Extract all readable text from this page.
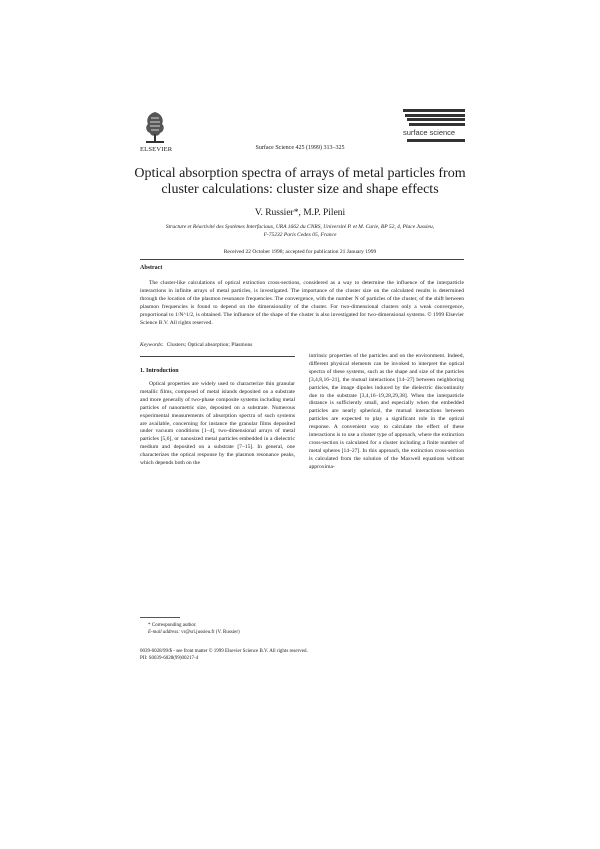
ELSEVIER	Surface Science 425 (1999) 313–325
surface science
Optical absorption spectra of arrays of metal particles from
cluster calculations: cluster size and shape effects
V. Russier*, M.P. Pileni
Structure et Réactivité des Systèmes Interfaciaux, URA 1662 du CNRS, Université P. et M. Curie, BP 52, 4, Place Jussieu,
F-75232 Paris Cedex 05, France
Received 22 October 1998; accepted for publication 21 January 1999
Abstract
The cluster-like calculations of optical extinction cross-sections, considered as a way to determine the influence of the interparticle interactions in infinite arrays of metal particles, is investigated. The importance of the cluster size on the calculated results is determined through the location of the plasmon resonance frequencies. The convergence, with the number N of particles of the cluster, of the shift between plasmon frequencies is found to depend on the dimensionality of the cluster. For two-dimensional clusters only a weak convergence, proportional to 1/N^1/2, is obtained. The influence of the shape of the cluster is also investigated for two-dimensional systems. © 1999 Elsevier Science B.V. All rights reserved.
Keywords: Clusters; Optical absorption; Plasmons
1. Introduction
Optical properties are widely used to characterize thin granular metallic films, composed of metal islands deposited on a substrate and more generally of two-phase composite systems including metal particles of nanometric size, deposited on a substrate. Numerous experimental measurements of absorption spectra of such systems are available, concerning for instance the granular films deposited under vacuum conditions [1–4], two-dimensional arrays of metal particles [5,6], or nanosized metal particles embedded in a dielectric medium and deposited on a substrate [7–15]. In general, one characterizes the optical response by the plasmon resonance peaks, which depends both on the
intrinsic properties of the particles and on the environment. Indeed, different physical elements can be invoked to interpret the optical spectra of these systems, such as the shape and size of the particles [3,4,8,16–21], the mutual interactions [14–27] between neighboring particles, the image dipoles induced by the dielectric discontinuity due to the substrate [3,4,16–19,28,29,38]. When the interparticle distance is sufficiently small, and especially when the embedded particles are nearly spherical, the mutual interactions between particles are expected to play a significant role in the optical response. A convenient way to calculate the effect of these interactions is to use a cluster type of approach, where the extinction cross-section is calculated for a cluster including a finite number of metal spheres [14–27]. In this approach, the extinction cross-section is calculated from the solution of the Maxwell equations without approxima-
* Corresponding author.
E-mail address: vr@sri.jussieu.fr (V. Russier)
0039-6028/99/$ - see front matter © 1999 Elsevier Science B.V. All rights reserved.
PII: S0039-6028(99)00217-4
